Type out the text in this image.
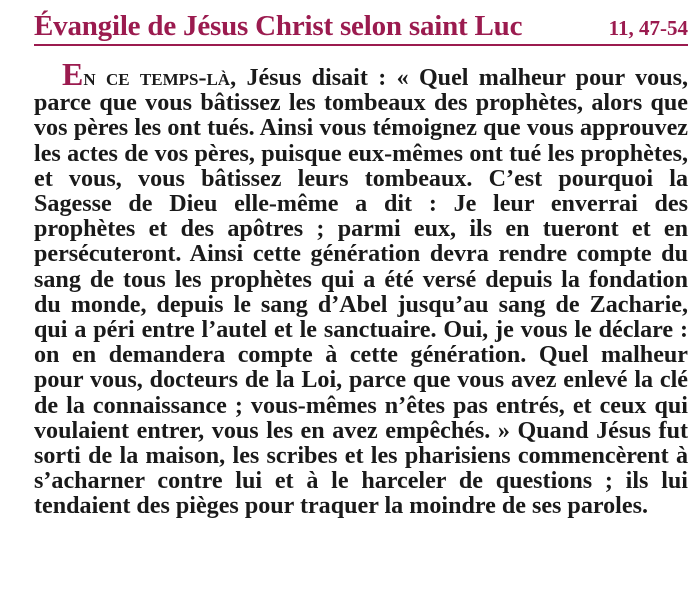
Évangile de Jésus Christ selon saint Luc	11, 47-54

En ce temps-là, Jésus disait : « Quel malheur pour vous, parce que vous bâtissez les tombeaux des prophètes, alors que vos pères les ont tués. Ainsi vous témoignez que vous approuvez les actes de vos pères, puisque eux-mêmes ont tué les prophètes, et vous, vous bâtissez leurs tombeaux. C’est pourquoi la Sagesse de Dieu elle-même a dit : Je leur enverrai des prophètes et des apôtres ; parmi eux, ils en tueront et en persécuteront. Ainsi cette génération devra rendre compte du sang de tous les prophètes qui a été versé depuis la fondation du monde, depuis le sang d’Abel jusqu’au sang de Zacharie, qui a péri entre l’autel et le sanctuaire. Oui, je vous le déclare : on en demandera compte à cette génération. Quel malheur pour vous, docteurs de la Loi, parce que vous avez enlevé la clé de la connaissance ; vous-mêmes n’êtes pas entrés, et ceux qui voulaient entrer, vous les en avez empêchés. » Quand Jésus fut sorti de la maison, les scribes et les pharisiens commencèrent à s’acharner contre lui et à le harceler de questions ; ils lui tendaient des pièges pour traquer la moindre de ses paroles.
